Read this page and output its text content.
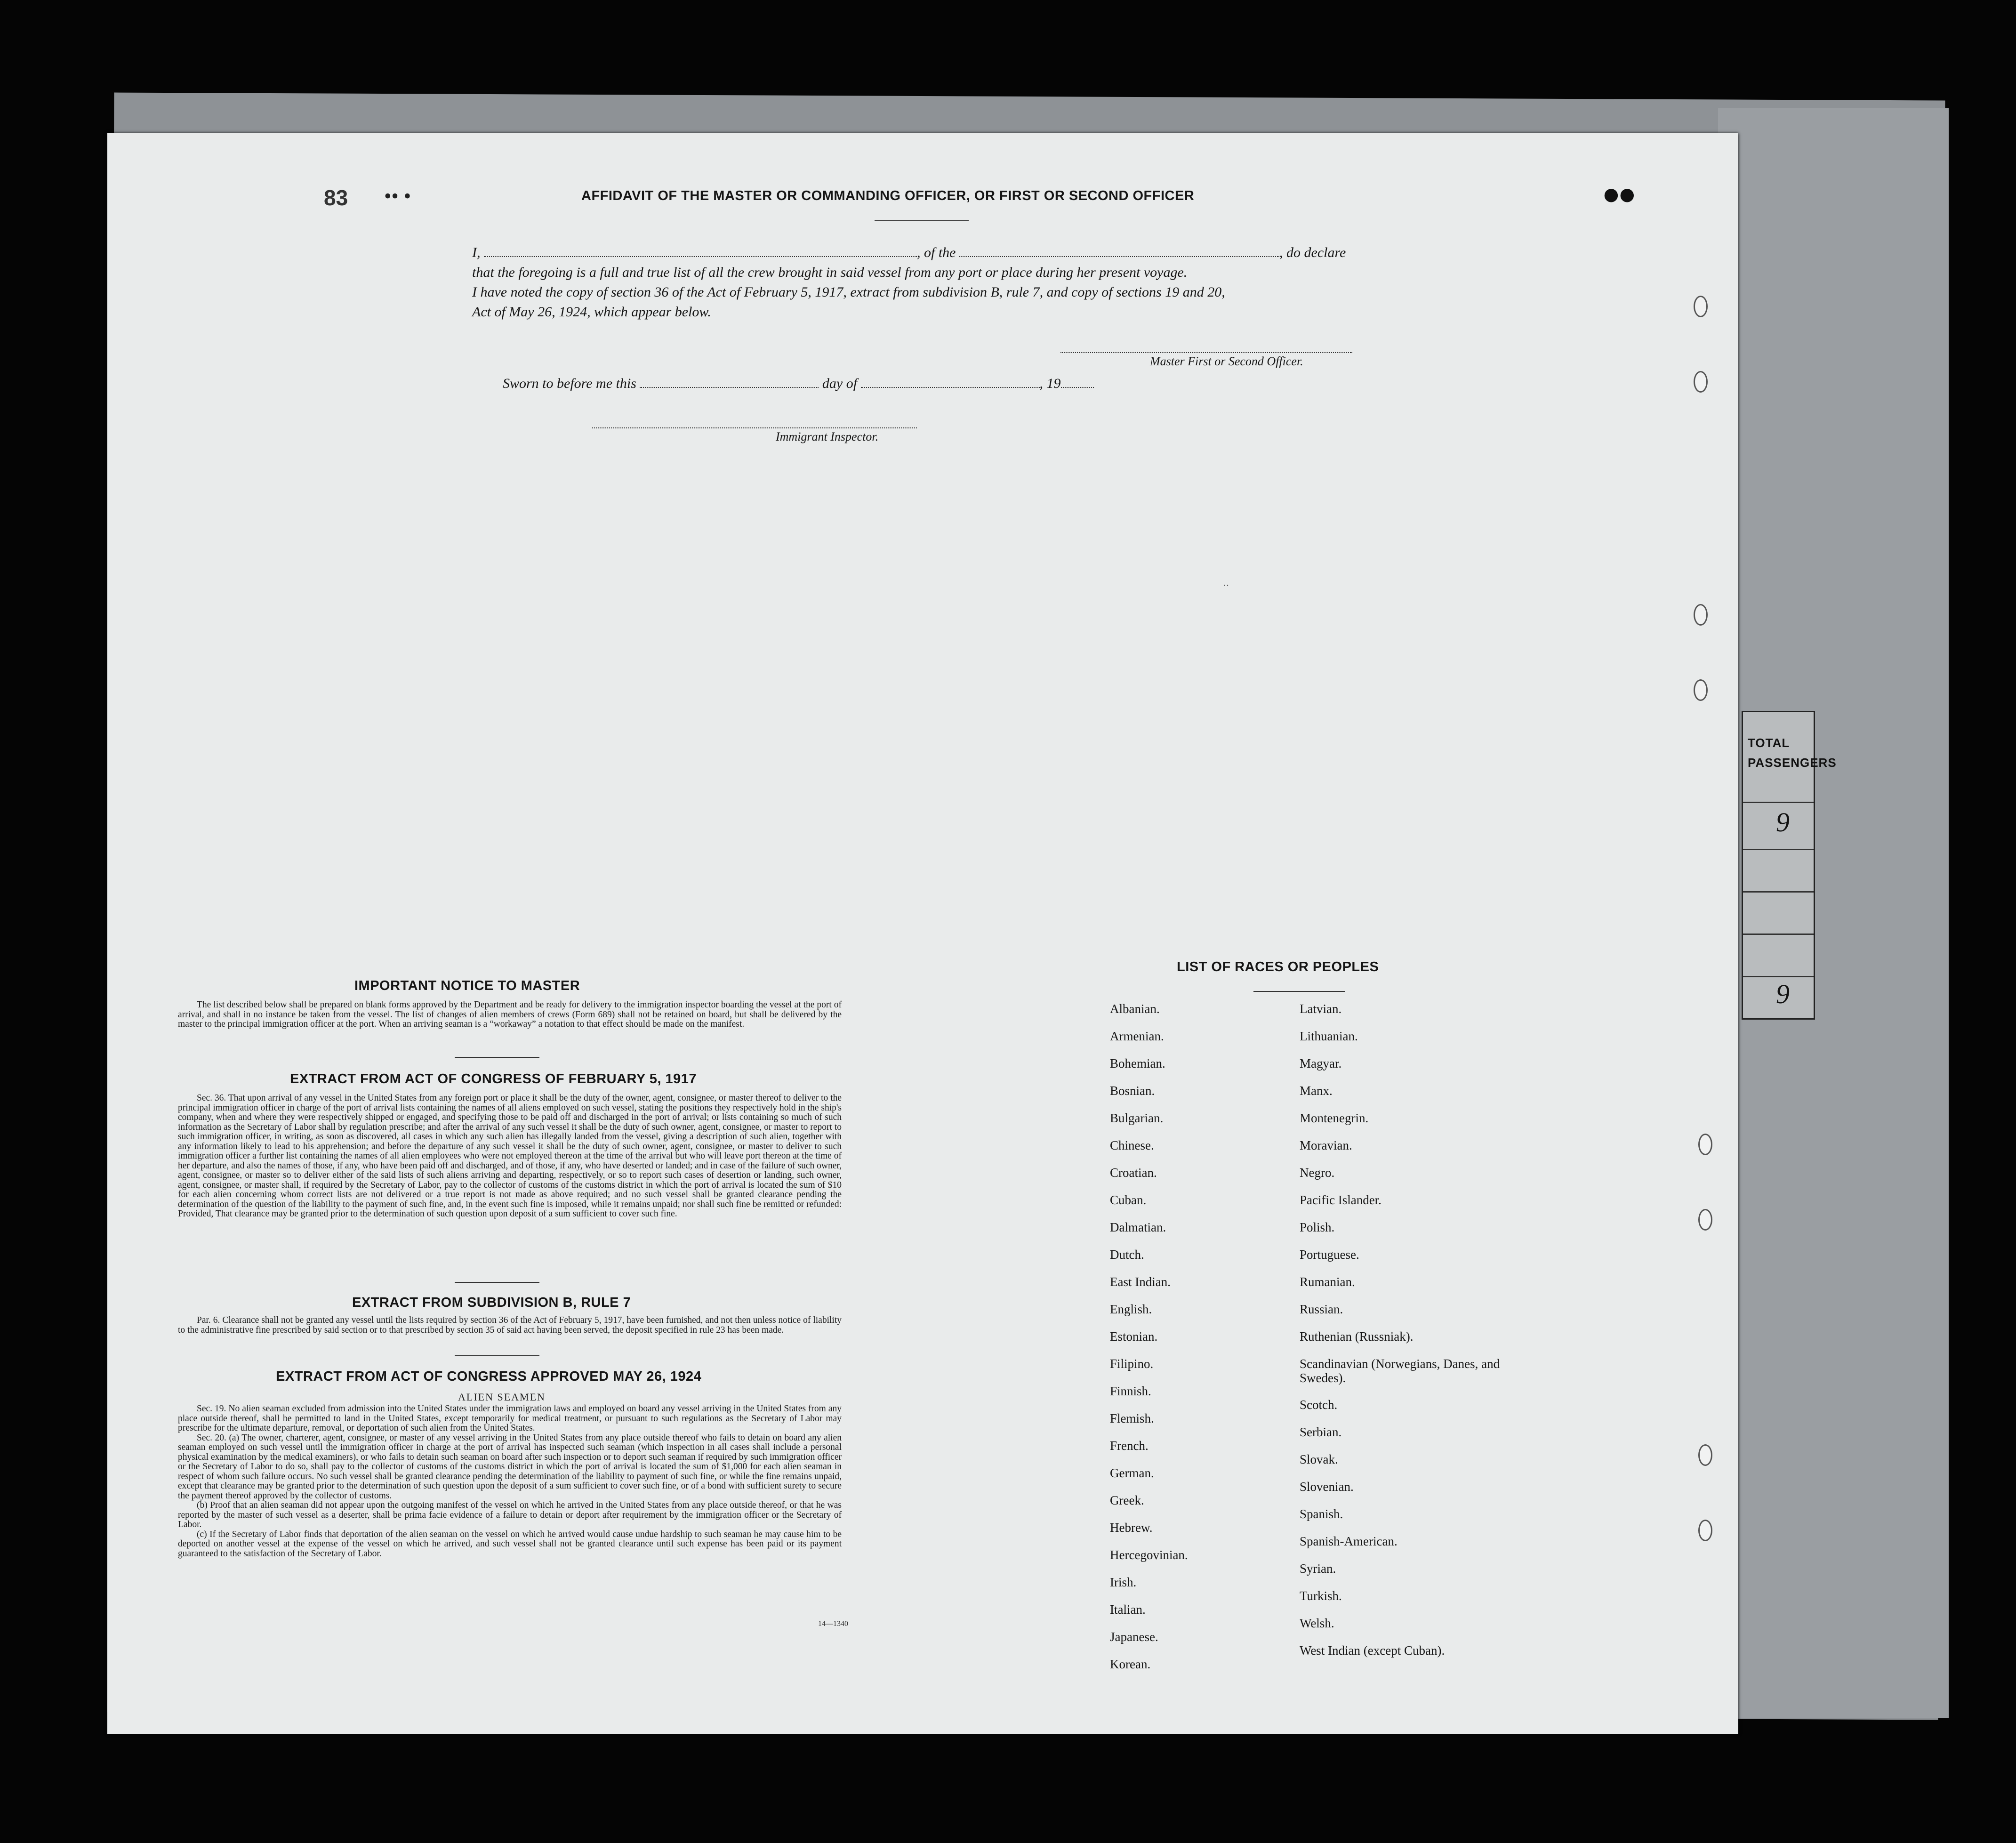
TOTAL
PASSENGERS
9
9
83 •• •	●●
AFFIDAVIT OF THE MASTER OR COMMANDING OFFICER, OR FIRST OR SECOND OFFICER
I,	, of the	, do declare
that the foregoing is a full and true list of all the crew brought in said vessel from any port or place during her present voyage.
I have noted the copy of section 36 of the Act of February 5, 1917, extract from subdivision B, rule 7, and copy of sections 19 and 20,
Act of May 26, 1924, which appear below.
Master First or Second Officer.
Sworn to before me this	day of	, 19
Immigrant Inspector.
··
IMPORTANT NOTICE TO MASTER

The list described below shall be prepared on blank forms approved by the Department and be ready for delivery to the immigration inspector boarding the vessel at the port of arrival, and shall in no instance be taken from the vessel. The list of changes of alien members of crews (Form 689) shall not be retained on board, but shall be delivered by the master to the principal immigration officer at the port. When an arriving seaman is a “workaway” a notation to that effect should be made on the manifest.

EXTRACT FROM ACT OF CONGRESS OF FEBRUARY 5, 1917

Sec. 36. That upon arrival of any vessel in the United States from any foreign port or place it shall be the duty of the owner, agent, consignee, or master thereof to deliver to the principal immigration officer in charge of the port of arrival lists containing the names of all aliens employed on such vessel, stating the positions they respectively hold in the ship's company, when and where they were respectively shipped or engaged, and specifying those to be paid off and discharged in the port of arrival; or lists containing so much of such information as the Secretary of Labor shall by regulation prescribe; and after the arrival of any such vessel it shall be the duty of such owner, agent, consignee, or master to report to such immigration officer, in writing, as soon as discovered, all cases in which any such alien has illegally landed from the vessel, giving a description of such alien, together with any information likely to lead to his apprehension; and before the departure of any such vessel it shall be the duty of such owner, agent, consignee, or master to deliver to such immigration officer a further list containing the names of all alien employees who were not employed thereon at the time of the arrival but who will leave port thereon at the time of her departure, and also the names of those, if any, who have been paid off and discharged, and of those, if any, who have deserted or landed; and in case of the failure of such owner, agent, consignee, or master so to deliver either of the said lists of such aliens arriving and departing, respectively, or so to report such cases of desertion or landing, such owner, agent, consignee, or master shall, if required by the Secretary of Labor, pay to the collector of customs of the customs district in which the port of arrival is located the sum of $10 for each alien concerning whom correct lists are not delivered or a true report is not made as above required; and no such vessel shall be granted clearance pending the determination of the question of the liability to the payment of such fine, and, in the event such fine is imposed, while it remains unpaid; nor shall such fine be remitted or refunded: Provided, That clearance may be granted prior to the determination of such question upon deposit of a sum sufficient to cover such fine.

EXTRACT FROM SUBDIVISION B, RULE 7

Par. 6. Clearance shall not be granted any vessel until the lists required by section 36 of the Act of February 5, 1917, have been furnished, and not then unless notice of liability to the administrative fine prescribed by said section or to that prescribed by section 35 of said act having been served, the deposit specified in rule 23 has been made.

EXTRACT FROM ACT OF CONGRESS APPROVED MAY 26, 1924
ALIEN SEAMEN

Sec. 19. No alien seaman excluded from admission into the United States under the immigration laws and employed on board any vessel arriving in the United States from any place outside thereof, shall be permitted to land in the United States, except temporarily for medical treatment, or pursuant to such regulations as the Secretary of Labor may prescribe for the ultimate departure, removal, or deportation of such alien from the United States.

Sec. 20. (a) The owner, charterer, agent, consignee, or master of any vessel arriving in the United States from any place outside thereof who fails to detain on board any alien seaman employed on such vessel until the immigration officer in charge at the port of arrival has inspected such seaman (which inspection in all cases shall include a personal physical examination by the medical examiners), or who fails to detain such seaman on board after such inspection or to deport such seaman if required by such immigration officer or the Secretary of Labor to do so, shall pay to the collector of customs of the customs district in which the port of arrival is located the sum of $1,000 for each alien seaman in respect of whom such failure occurs. No such vessel shall be granted clearance pending the determination of the liability to payment of such fine, or while the fine remains unpaid, except that clearance may be granted prior to the determination of such question upon the deposit of a sum sufficient to cover such fine, or of a bond with sufficient surety to secure the payment thereof approved by the collector of customs.

(b) Proof that an alien seaman did not appear upon the outgoing manifest of the vessel on which he arrived in the United States from any place outside thereof, or that he was reported by the master of such vessel as a deserter, shall be prima facie evidence of a failure to detain or deport after requirement by the immigration officer or the Secretary of Labor.

(c) If the Secretary of Labor finds that deportation of the alien seaman on the vessel on which he arrived would cause undue hardship to such seaman he may cause him to be deported on another vessel at the expense of the vessel on which he arrived, and such vessel shall not be granted clearance until such expense has been paid or its payment guaranteed to the satisfaction of the Secretary of Labor.

14—1340
LIST OF RACES OR PEOPLES
Albanian.
Armenian.
Bohemian.
Bosnian.
Bulgarian.
Chinese.
Croatian.
Cuban.
Dalmatian.
Dutch.
East Indian.
English.
Estonian.
Filipino.
Finnish.
Flemish.
French.
German.
Greek.
Hebrew.
Hercegovinian.
Irish.
Italian.
Japanese.
Korean.
Latvian.
Lithuanian.
Magyar.
Manx.
Montenegrin.
Moravian.
Negro.
Pacific Islander.
Polish.
Portuguese.
Rumanian.
Russian.
Ruthenian (Russniak).
Scandinavian (Norwegians, Danes, and Swedes).
Scotch.
Serbian.
Slovak.
Slovenian.
Spanish.
Spanish-American.
Syrian.
Turkish.
Welsh.
West Indian (except Cuban).
